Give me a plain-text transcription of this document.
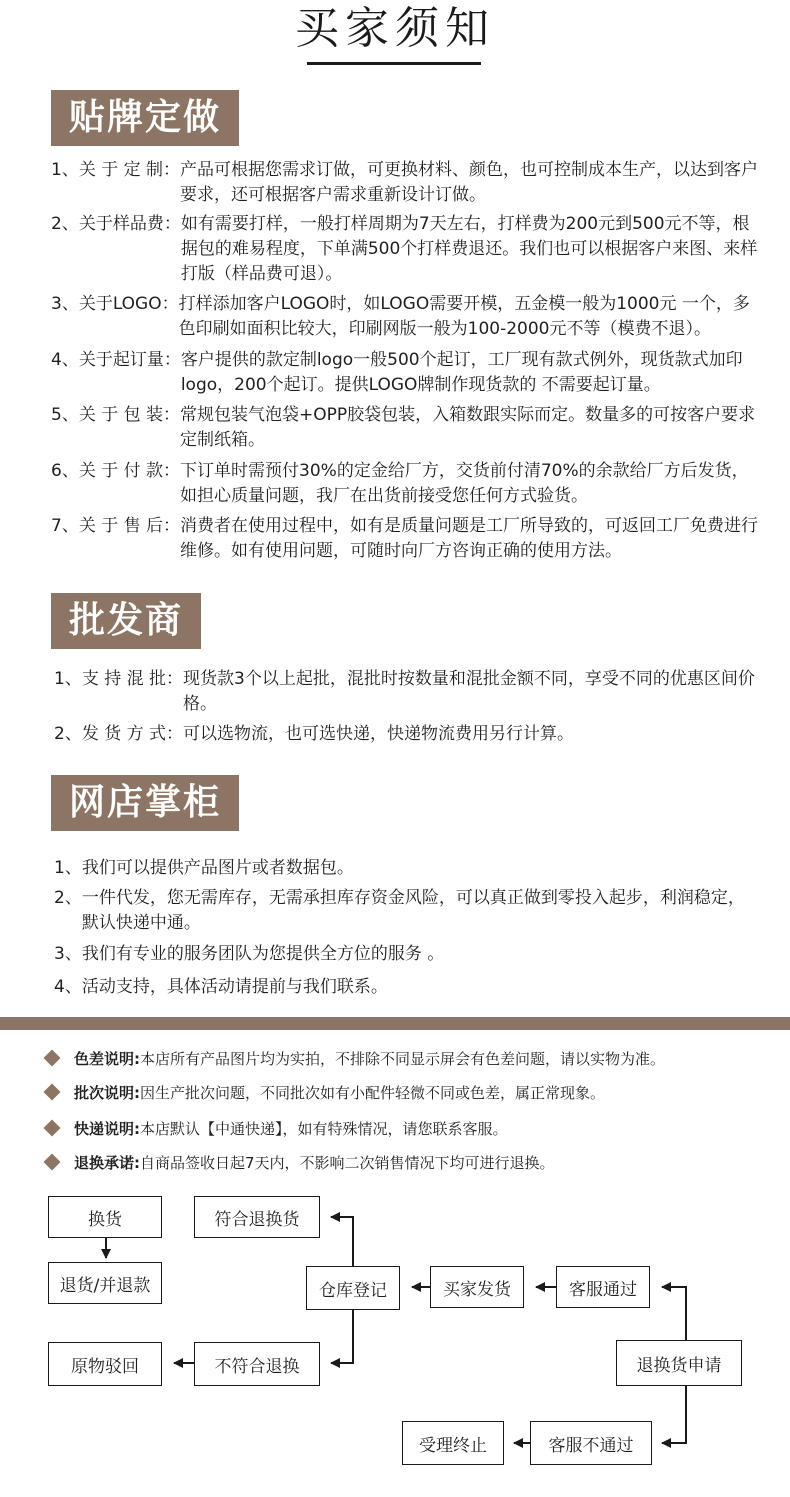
买家须知
贴牌定做
1、关 于 定 制： 产品可根据您需求订做，可更换材料、颜色，也可控制成本生产，以达到客户要求，还可根据客户需求重新设计订做。
2、关于样品费： 如有需要打样，一般打样周期为7天左右，打样费为200元到500元不等，根据包的难易程度，下单满500个打样费退还。我们也可以根据客户来图、来样打版（样品费可退）。
3、关于LOGO： 打样添加客户LOGO时，如LOGO需要开模，五金模一般为1000元 一个，多色印刷如面积比较大，印刷网版一般为100-2000元不等（模费不退）。
4、关于起订量： 客户提供的款定制logo一般500个起订，工厂现有款式例外，现货款式加印logo，200个起订。提供LOGO牌制作现货款的 不需要起订量。
5、关 于 包 装： 常规包装气泡袋+OPP胶袋包装，入箱数跟实际而定。数量多的可按客户要求定制纸箱。
6、关 于 付 款： 下订单时需预付30%的定金给厂方，交货前付清70%的余款给厂方后发货，如担心质量问题，我厂在出货前接受您任何方式验货。
7、关 于 售 后： 消费者在使用过程中，如有是质量问题是工厂所导致的，可返回工厂免费进行维修。如有使用问题，可随时向厂方咨询正确的使用方法。
批发商
1、支 持 混 批： 现货款3个以上起批，混批时按数量和混批金额不同，享受不同的优惠区间价格。
2、发 货 方 式： 可以选物流，也可选快递，快递物流费用另行计算。
网店掌柜
1、 我们可以提供产品图片或者数据包。
2、 一件代发，您无需库存，无需承担库存资金风险，可以真正做到零投入起步，利润稳定，默认快递中通。
3、 我们有专业的服务团队为您提供全方位的服务 。
4、 活动支持，具体活动请提前与我们联系。
色差说明: 本店所有产品图片均为实拍，不排除不同显示屏会有色差问题，请以实物为准。
批次说明: 因生产批次问题，不同批次如有小配件轻微不同或色差，属正常现象。
快递说明: 本店默认【中通快递】，如有特殊情况，请您联系客服。
退换承诺: 自商品签收日起7天内，不影响二次销售情况下均可进行退换。
换货
退货/并退款
符合退换货
仓库登记	买家发货	客服通过
退换货申请
原物驳回	不符合退换
受理终止	客服不通过
